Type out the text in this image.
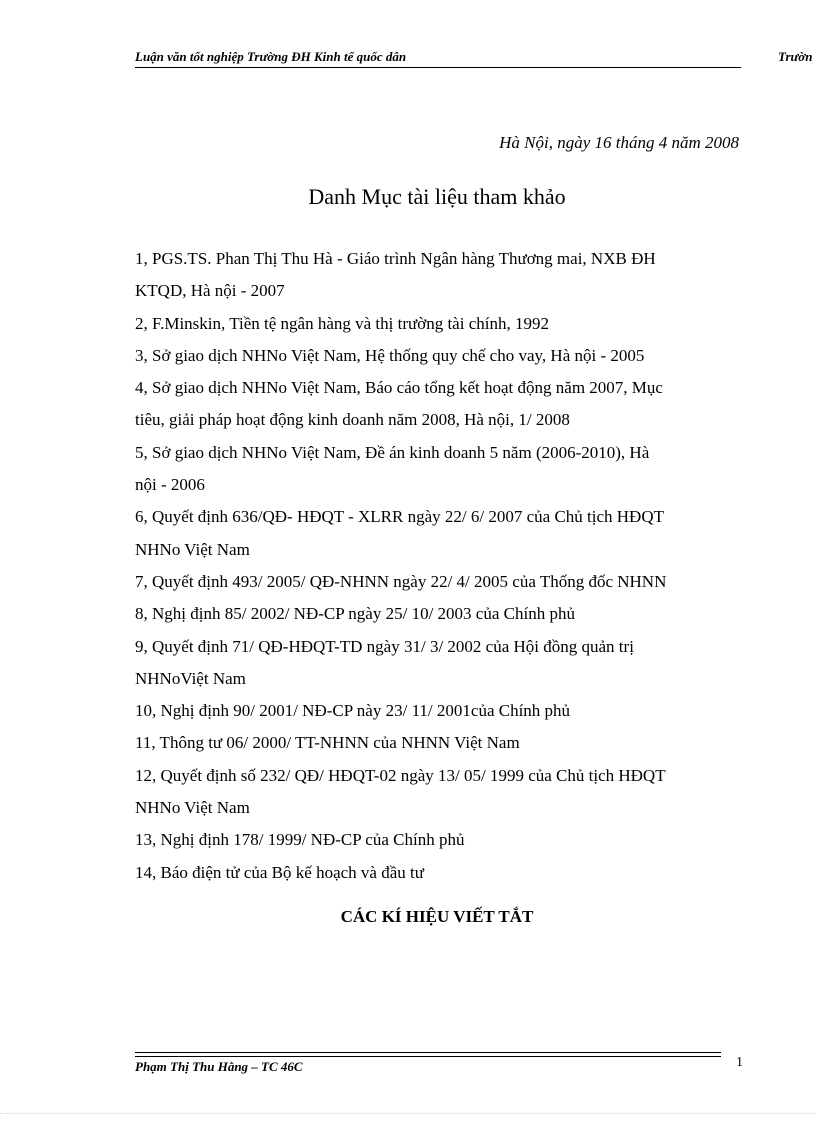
Luận văn tốt nghiệp Trường ĐH Kinh tế quốc dân	Trườn
Hà Nội, ngày 16 tháng 4 năm 2008
Danh Mục tài liệu tham khảo
1, PGS.TS. Phan Thị Thu Hà - Giáo trình Ngân hàng Thương mai, NXB ĐH
KTQD, Hà nội - 2007
2, F.Minskin, Tiền tệ ngân hàng và thị trường tài chính, 1992
3, Sở giao dịch NHNo Việt Nam, Hệ thống quy chế cho vay, Hà nội - 2005
4, Sở giao dịch NHNo Việt Nam, Báo cáo tổng kết hoạt động năm 2007, Mục
tiêu, giải pháp hoạt động kinh doanh năm 2008, Hà nội, 1/ 2008
5, Sở giao dịch NHNo Việt Nam, Đề án kinh doanh 5 năm (2006-2010), Hà
nội - 2006
6, Quyết định 636/QĐ- HĐQT - XLRR ngày 22/ 6/ 2007 của Chủ tịch HĐQT
NHNo Việt Nam
7, Quyết định 493/ 2005/ QĐ-NHNN ngày 22/ 4/ 2005 của Thống đốc NHNN
8, Nghị định 85/ 2002/ NĐ-CP ngày 25/ 10/ 2003 của Chính phủ
9, Quyết định 71/ QĐ-HĐQT-TD ngày 31/ 3/ 2002 của Hội đồng quản trị
NHNoViệt Nam
10, Nghị định 90/ 2001/ NĐ-CP này 23/ 11/ 2001của Chính phủ
11, Thông tư 06/ 2000/ TT-NHNN của NHNN Việt Nam
12, Quyết định số 232/ QĐ/ HĐQT-02 ngày 13/ 05/ 1999 của Chủ tịch HĐQT
NHNo Việt Nam
13, Nghị định 178/ 1999/ NĐ-CP của Chính phủ
14, Báo điện tử của Bộ kế hoạch và đầu tư
CÁC KÍ HIỆU VIẾT TẮT
Phạm Thị Thu Hằng – TC 46C	1
